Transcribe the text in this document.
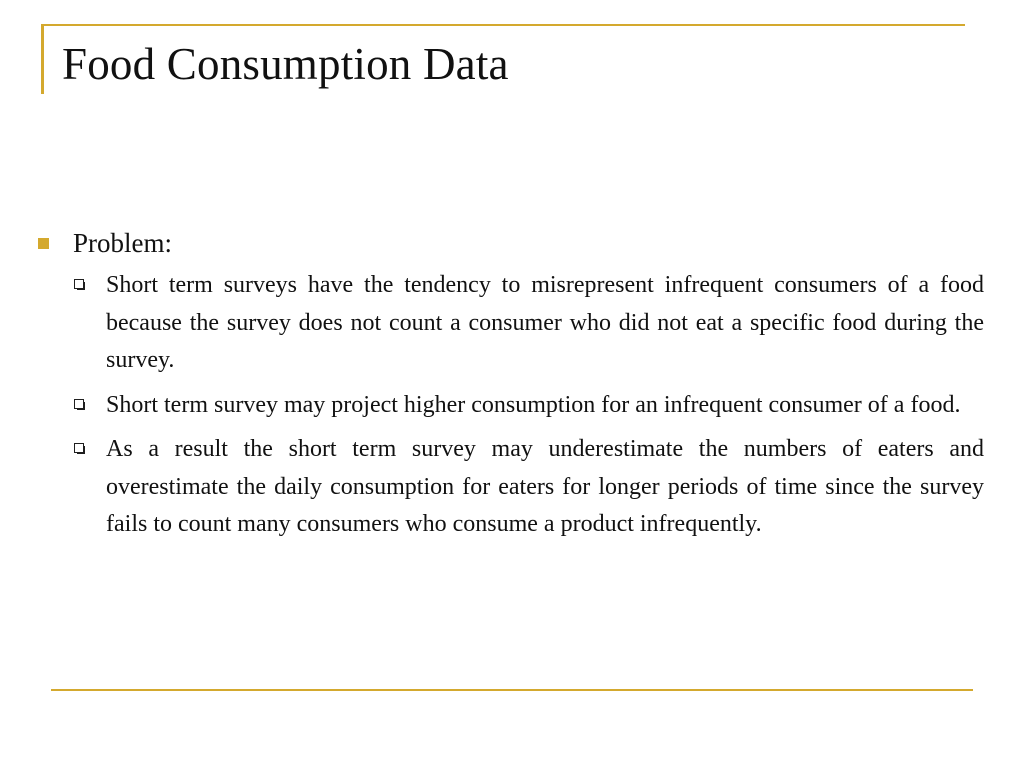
Food Consumption Data
Problem:
Short term surveys have the tendency to misrepresent infrequent consumers of a food because the survey does not count a consumer who did not eat a specific food during the survey.
Short term survey may project higher consumption for an infrequent consumer of a food.
As a result the short term survey may underestimate the numbers of eaters and overestimate the daily consumption for eaters for longer periods of time since the survey fails to count many consumers who consume a product infrequently.
